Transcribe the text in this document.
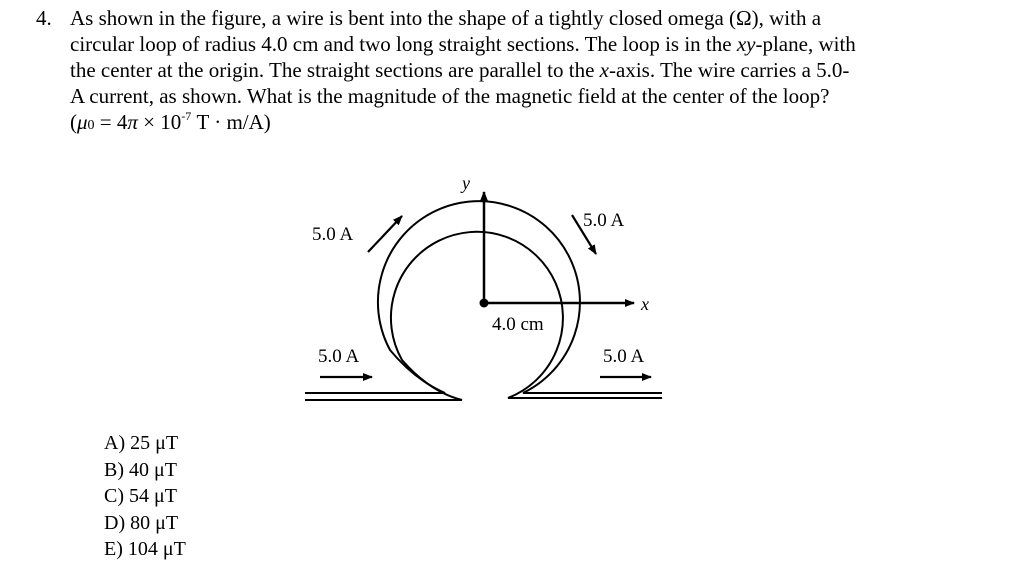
4. As shown in the figure, a wire is bent into the shape of a tightly closed omega (Ω), with a
circular loop of radius 4.0 cm and two long straight sections. The loop is in the xy-plane, with
the center at the origin. The straight sections are parallel to the x-axis. The wire carries a 5.0-
A current, as shown. What is the magnitude of the magnetic field at the center of the loop?
($\mu 0 = 4\pi \times 10^{-7}$ T · m/A)
y
x
4.0 cm
5.0 A
5.0 A
5.0 A	5.0 A
A) 25 μT
B) 40 μT
C) 54 μT
D) 80 μT
E) 104 μT
